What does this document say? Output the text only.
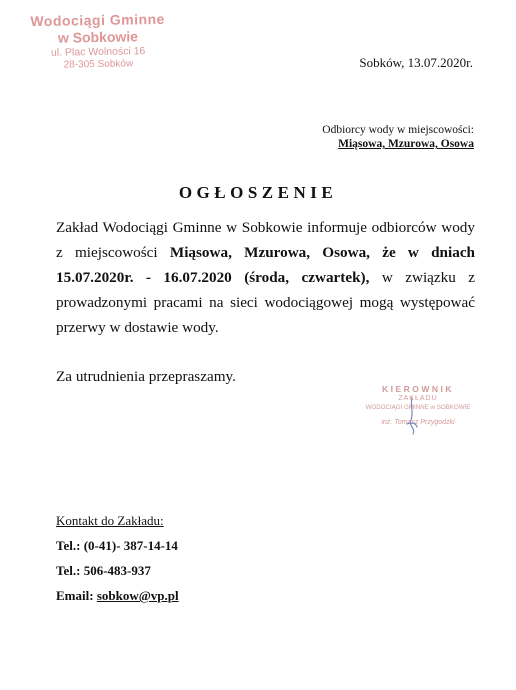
Wodociągi Gminne
w Sobkowie
ul. Plac Wolności 16
28-305 Sobków	Sobków, 13.07.2020r.
Odbiorcy wody w miejscowości:
Miąsowa, Mzurowa, Osowa
OGŁOSZENIE

Zakład Wodociągi Gminne w Sobkowie informuje odbiorców wody z miejscowości Miąsowa, Mzurowa, Osowa, że w dniach 15.07.2020r. - 16.07.2020 (środa, czwartek), w związku z prowadzonymi pracami na sieci wodociągowej mogą występować przerwy w dostawie wody.

Za utrudnienia przepraszamy.
KIEROWNIK
ZAKŁADU
WODOCIĄGI GMINNE w SOBKOWIE
inż. Tomasz Przygodzki
Kontakt do Zakładu:
Tel.: (0-41)- 387-14-14
Tel.: 506-483-937
Email: sobkow@vp.pl
